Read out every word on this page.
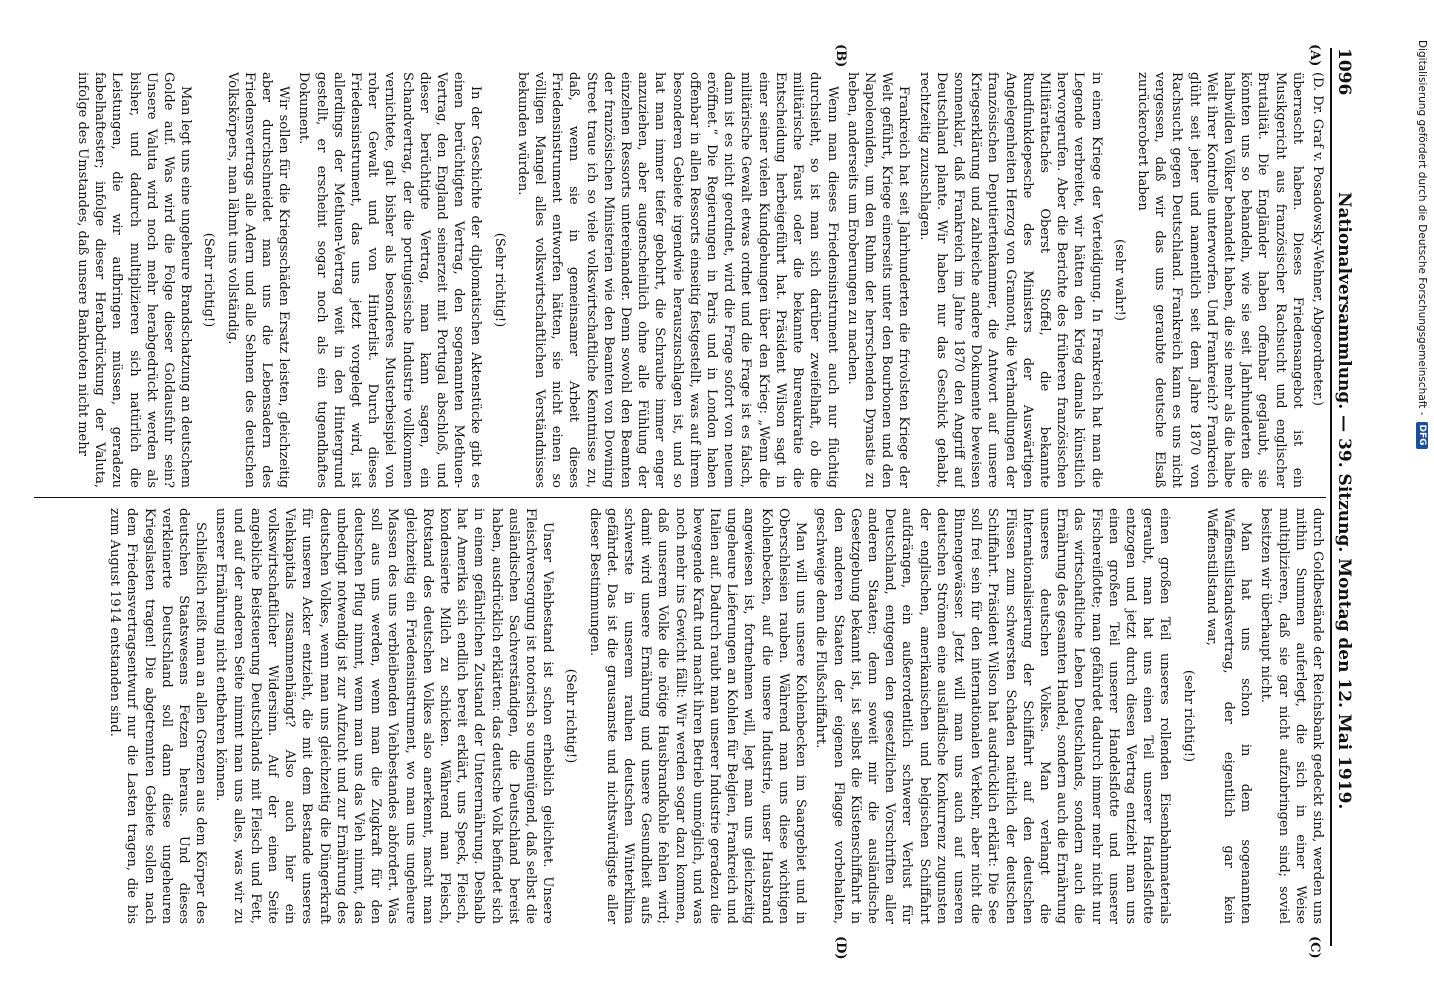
1096
Nationalversammlung. — 39. Sitzung. Montag den 12. Mai 1919.
(A)
(B)
(C)
(D)

(D. Dr. Graf v. Posadowsky-Wehner, Abgeordneter.)

überrascht haben. Dieses Friedensangebot ist ein Musikgericht aus französischer Rachsucht und englischer Brutalität. Die Engländer haben offenbar geglaubt, sie könnten uns so behandeln, wie sie seit Jahrhunderten die halbwilden Völker behandelt haben, die sie mehr als die halbe Welt ihrer Kontrolle unterworfen. Und Frankreich? Frankreich glüht seit jeher und namentlich seit dem Jahre 1870 von Rachsucht gegen Deutschland. Frankreich kann es uns nicht vergessen, daß wir das uns geraubte deutsche Elsaß zurückerobert haben

(sehr wahr!)

in einem Kriege der Verteidigung. In Frankreich hat man die Legende verbreitet, wir hätten den Krieg damals künstlich hervorgerufen. Aber die Berichte des früheren französischen Militärattachés Oberst Stoffel, die bekannte Rundfunkdepesche des Ministers der Auswärtigen Angelegenheiten Herzog von Gramont, die Verhandlungen der französischen Deputiertenkammer, die Antwort auf unsere Kriegserklärung und zahlreiche andere Dokumente beweisen sonnenklar, daß Frankreich im Jahre 1870 den Angriff auf Deutschland plante. Wir haben nur das Geschick gehabt, rechtzeitig zuzuschlagen.

Frankreich hat seit Jahrhunderten die frivolsten Kriege der Welt geführt, Kriege einerseits unter den Bourbonen und den Napoleoniden, um den Ruhm der herrschenden Dynastie zu heben, anderseits um Eroberungen zu machen.

Wenn man dieses Friedensinstrument auch nur flüchtig durchsieht, so ist man sich darüber zweifelhaft, ob die militärische Faust oder die bekannte Bureaukratie die Entscheidung herbeigeführt hat. Präsident Wilson sagt in einer seiner vielen Kundgebungen über den Krieg: „Wenn die militärische Gewalt etwas ordnet und die Frage ist es falsch, dann ist es nicht geordnet, wird die Frage sofort von neuem eröffnet.“ Die Regierungen in Paris und in London haben offenbar in allen Ressorts einseitig festgestellt, was auf ihrem besonderen Gebiete irgendwie herauszuschlagen ist, und so hat man immer tiefer gebohrt, die Schraube immer enger anzuziehen, aber augenscheinlich ohne alle Fühlung der einzelnen Ressorts untereinander. Denn sowohl den Beamten der französischen Ministerien wie den Beamten von Downing Street traue ich so viele volkswirtschaftliche Kenntnisse zu, daß, wenn sie in gemeinsamer Arbeit dieses Friedensinstrument entworfen hätten, sie nicht einen so völligen Mangel alles volkswirtschaftlichen Verständnisses bekunden würden.

(Sehr richtig!)

In der Geschichte der diplomatischen Aktenstücke gibt es einen berüchtigten Vertrag, den sogenannten Methuen-Vertrag, den England seinerzeit mit Portugal abschloß, und dieser berüchtigte Vertrag, man kann sagen, ein Schandvertrag, der die portugiesische Industrie vollkommen vernichtete, galt bisher als besonderes Musterbeispiel von roher Gewalt und von Hinterlist. Durch dieses Friedensinstrument, das uns jetzt vorgelegt wird, ist allerdings der Methuen-Vertrag weit in den Hintergrund gestellt, er erscheint sogar noch als ein tugendhaftes Dokument.

Wir sollen für die Kriegsschäden Ersatz leisten, gleichzeitig aber durchschneidet man uns die Lebensadern des Friedensvertrags alle Adern und alle Sehnen des deutschen Volkskörpers, man lähmt uns vollständig.

(Sehr richtig!)

Man legt uns eine ungeheure Brandschatzung an deutschem Golde auf. Was wird die Folge dieser Goldausfuhr sein? Unsere Valuta wird noch mehr herabgedrückt werden als bisher, und dadurch multiplizieren sich natürlich die Leistungen, die wir aufbringen müssen, geradezu fabelhaftester; infolge dieser Herabdrückung der Valuta, infolge des Umstandes, daß unsere Banknoten nicht mehr

durch Goldbestände der Reichsbank gedeckt sind, werden uns mithin Summen auferlegt, die sich in einer Weise multiplizieren, daß sie gar nicht aufzubringen sind; soviel besitzen wir überhaupt nicht.

Man hat uns schon in dem sogenannten Waffenstillstandsvertrag, der eigentlich gar kein Waffenstillstand war,

(sehr richtig!)

einen großen Teil unseres rollenden Eisenbahnmaterials geraubt, man hat uns einen Teil unserer Handelsflotte entzogen und jetzt durch diesen Vertrag entzieht man uns einen großen Teil unserer Handelsflotte und unserer Fischereiflotte; man gefährdet dadurch immer mehr nicht nur das wirtschaftliche Leben Deutschlands, sondern auch die Ernährung des gesamten Handel, sondern auch die Ernährung unseres deutschen Volkes. Man verlangt die Internationalisierung der Schiffahrt auf den deutschen Flüssen zum schwersten Schaden natürlich der deutschen Schiffahrt. Präsident Wilson hat ausdrücklich erklärt: Die See soll frei sein für den internationalen Verkehr, aber nicht die Binnengewässer. Jetzt will man uns auch auf unseren deutschen Strömen eine ausländische Konkurrenz zugunsten der englischen, amerikanischen und belgischen Schiffahrt aufdrängen, ein außerordentlich schwerer Verlust für Deutschland, entgegen den gesetzlichen Vorschriften aller anderen Staaten; denn soweit mir die ausländische Gesetzgebung bekannt ist, ist selbst die Küstenschiffahrt in den anderen Staaten der eigenen Flagge vorbehalten, geschweige denn die Flußschiffahrt.

Man will uns unsere Kohlenbecken im Saargebiet und in Oberschlesien rauben. Während man uns diese wichtigen Kohlenbecken, auf die unsere Industrie, unser Hausbrand angewiesen ist, fortnehmen will, legt man uns gleichzeitig ungeheure Lieferungen an Kohlen für Belgien, Frankreich und Italien auf. Dadurch raubt man unserer Industrie geradezu die bewegende Kraft und macht ihren Betrieb unmöglich, und was noch mehr ins Gewicht fällt: Wir werden sogar dazu kommen, daß unserem Volke die nötige Hausbrandkohle fehlen wird; damit wird unsere Ernährung und unsere Gesundheit aufs schwerste in unserem rauhen deutschen Winterklima gefährdet. Das ist die grausamste und nichtswürdigste aller dieser Bestimmungen.

(Sehr richtig!)

Unser Viehbestand ist schon erheblich gelichtet. Unsere Fleischversorgung ist notorisch so ungenügend, daß selbst die ausländischen Sachverständigen, die Deutschland bereist haben, ausdrücklich erklärten: das deutsche Volk befindet sich in einem gefährlichen Zustand der Unterernährung. Deshalb hat Amerika sich endlich bereit erklärt, uns Speck, Fleisch, kondensierte Milch zu schicken. Während man Fleisch, Rotstand des deutschen Volkes also anerkennt, macht man gleichzeitig ein Friedensinstrument, wo man uns ungeheure Massen des uns verbleibenden Viehbestandes abfordert. Was soll aus uns werden, wenn man die Zugkraft für den deutschen Pflug nimmt, wenn man uns das Vieh nimmt, das unbedingt notwendig ist zur Aufzucht und zur Ernährung des deutschen Volkes, wenn man uns gleichzeitig die Düngerkraft für unseren Acker entzieht, die mit dem Bestande unseres Viehkapitals zusammenhängt? Also auch hier ein volkswirtschaftlicher Widersinn. Auf der einen Seite angebliche Beisteuerung Deutschlands mit Fleisch und Fett, und auf der anderen Seite nimmt man uns alles, was wir zu unserer Ernährung nicht entbehren können.

Schließlich reißt man an allen Grenzen aus dem Körper des deutschen Staatswesens Fetzen heraus. Und dieses verkleinerte Deutschland soll dann diese ungeheuren Kriegslasten tragen! Die abgetrennten Gebiete sollen nach dem Friedensvertragsentwurf nur die Lasten tragen, die bis zum August 1914 entstanden sind.

Digitalisierung gefördert durch die Deutsche Forschungsgemeinschaft -
DFG
